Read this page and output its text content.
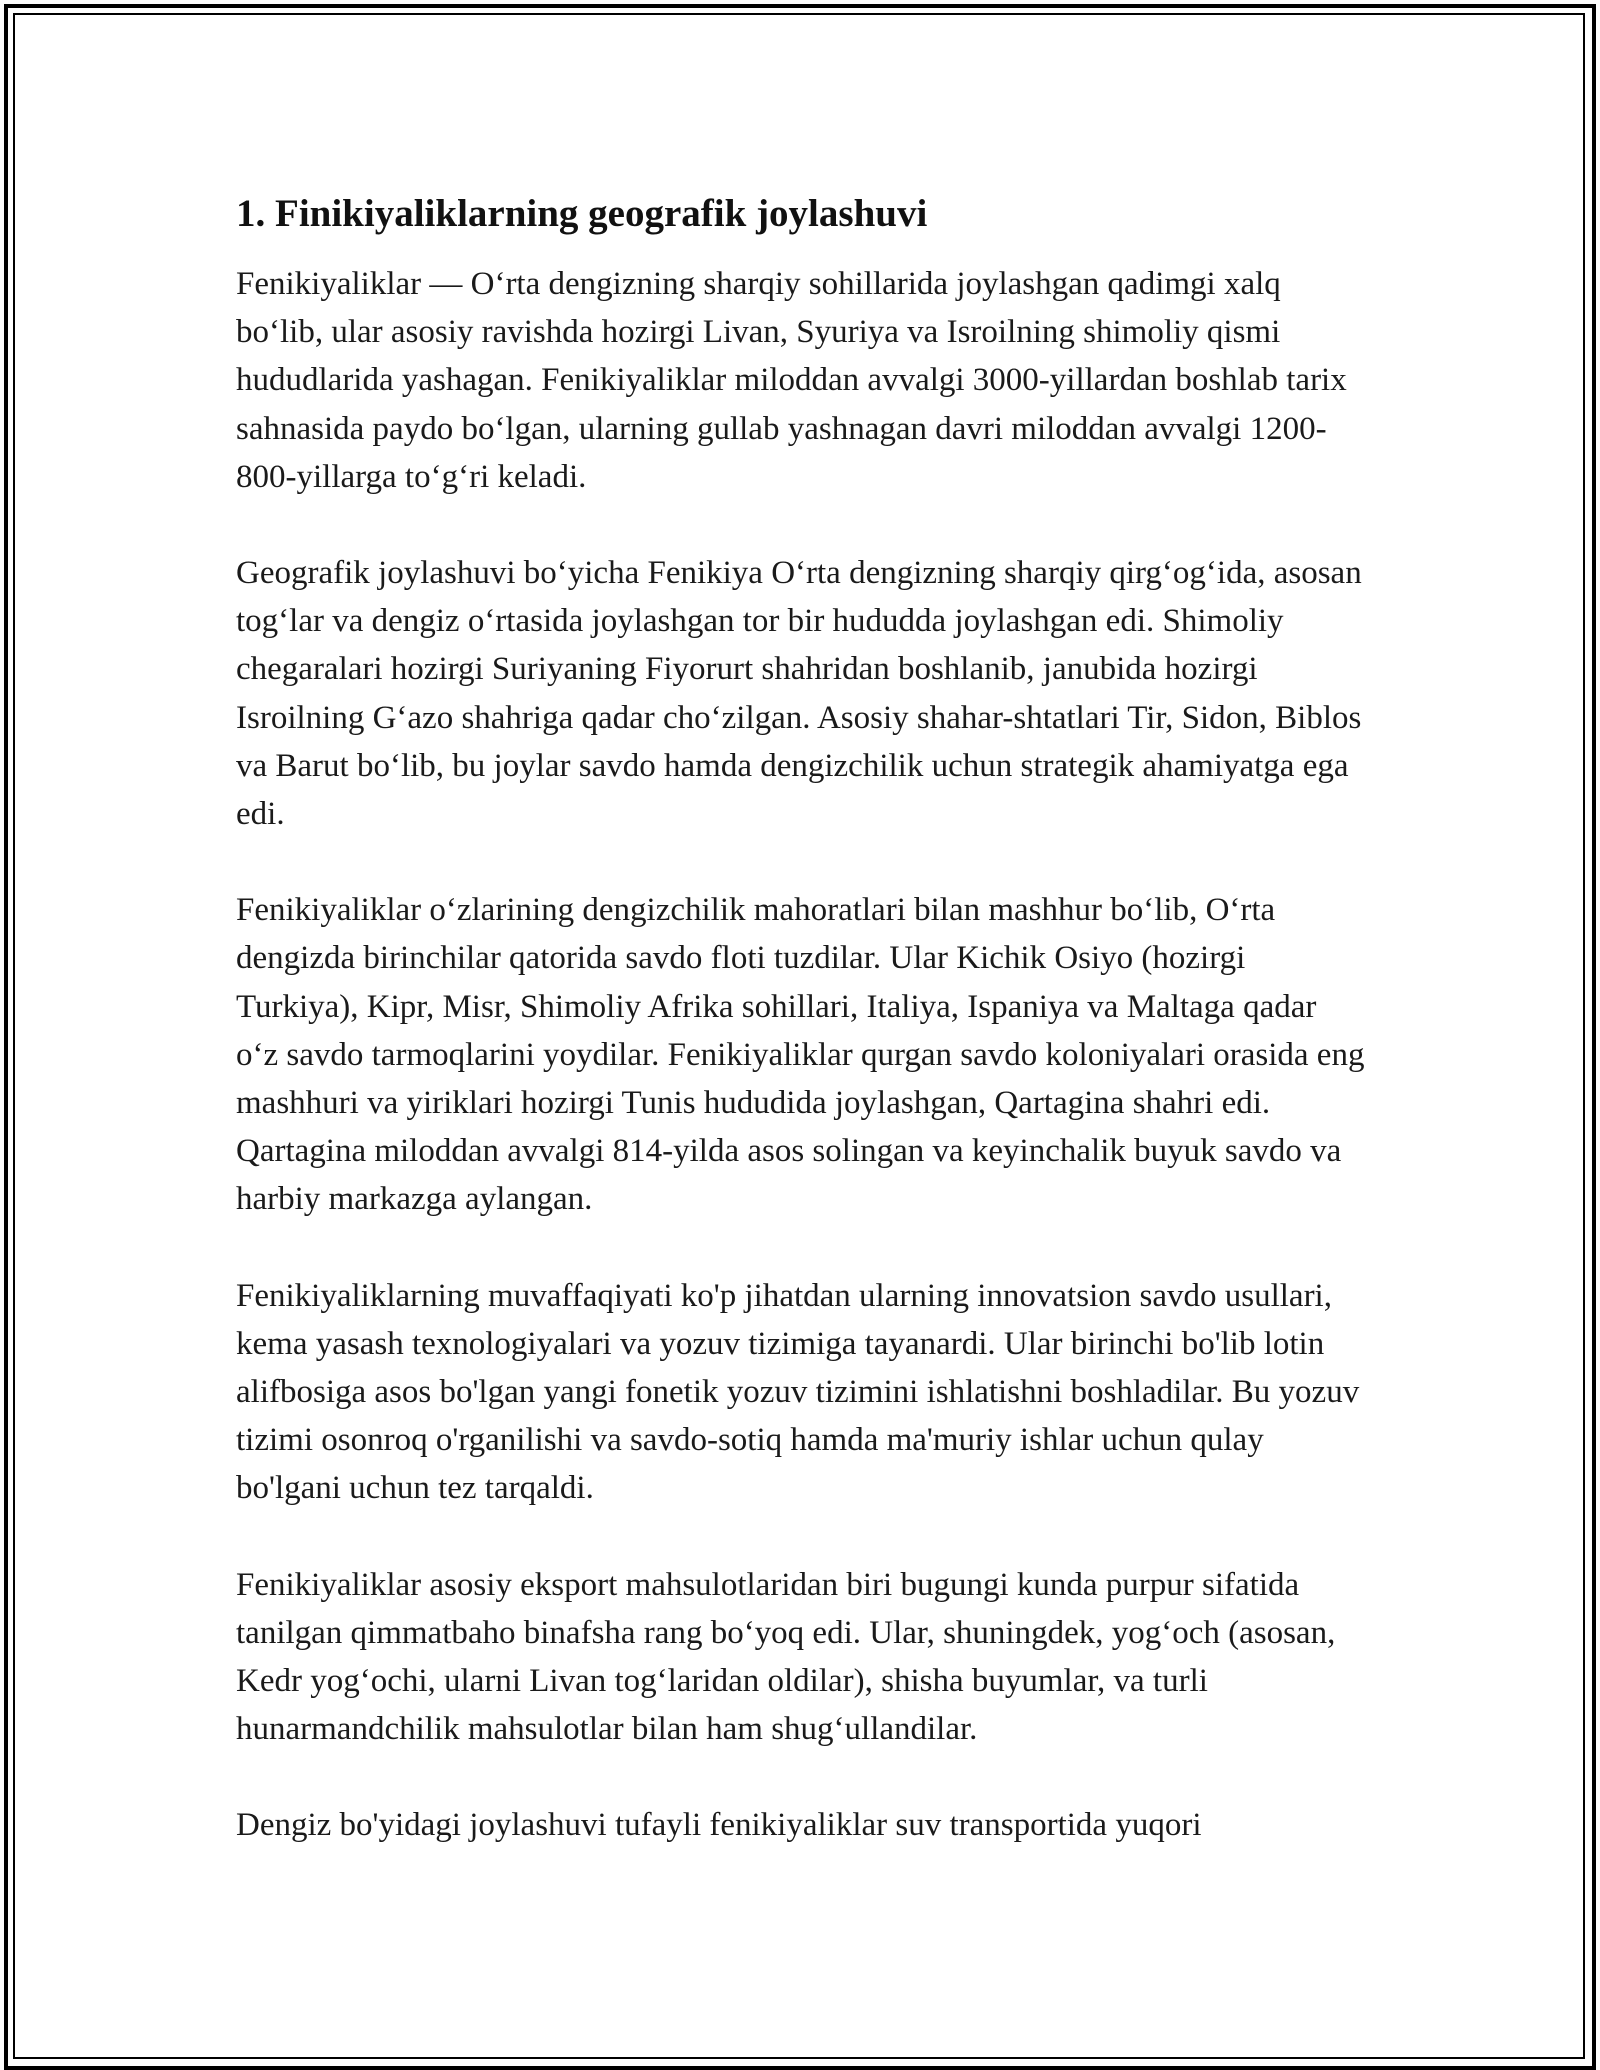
1. Finikiyaliklarning geografik joylashuvi

Fenikiyaliklar — O‘rta dengizning sharqiy sohillarida joylashgan qadimgi xalq bo‘lib, ular asosiy ravishda hozirgi Livan, Syuriya va Isroilning shimoliy qismi hududlarida yashagan. Fenikiyaliklar miloddan avvalgi 3000-yillardan boshlab tarix sahnasida paydo bo‘lgan, ularning gullab yashnagan davri miloddan avvalgi 1200-800-yillarga to‘g‘ri keladi.

Geografik joylashuvi bo‘yicha Fenikiya O‘rta dengizning sharqiy qirg‘og‘ida, asosan tog‘lar va dengiz o‘rtasida joylashgan tor bir hududda joylashgan edi. Shimoliy chegaralari hozirgi Suriyaning Fiyorurt shahridan boshlanib, janubida hozirgi Isroilning G‘azo shahriga qadar cho‘zilgan. Asosiy shahar-shtatlari Tir, Sidon, Biblos va Barut bo‘lib, bu joylar savdo hamda dengizchilik uchun strategik ahamiyatga ega edi.

Fenikiyaliklar o‘zlarining dengizchilik mahoratlari bilan mashhur bo‘lib, O‘rta dengizda birinchilar qatorida savdo floti tuzdilar. Ular Kichik Osiyo (hozirgi Turkiya), Kipr, Misr, Shimoliy Afrika sohillari, Italiya, Ispaniya va Maltaga qadar o‘z savdo tarmoqlarini yoydilar. Fenikiyaliklar qurgan savdo koloniyalari orasida eng mashhuri va yiriklari hozirgi Tunis hududida joylashgan, Qartagina shahri edi. Qartagina miloddan avvalgi 814-yilda asos solingan va keyinchalik buyuk savdo va harbiy markazga aylangan.

Fenikiyaliklarning muvaffaqiyati ko'p jihatdan ularning innovatsion savdo usullari, kema yasash texnologiyalari va yozuv tizimiga tayanardi. Ular birinchi bo'lib lotin alifbosiga asos bo'lgan yangi fonetik yozuv tizimini ishlatishni boshladilar. Bu yozuv tizimi osonroq o'rganilishi va savdo-sotiq hamda ma'muriy ishlar uchun qulay bo'lgani uchun tez tarqaldi.

Fenikiyaliklar asosiy eksport mahsulotlaridan biri bugungi kunda purpur sifatida tanilgan qimmatbaho binafsha rang bo‘yoq edi. Ular, shuningdek, yog‘och (asosan, Kedr yog‘ochi, ularni Livan tog‘laridan oldilar), shisha buyumlar, va turli hunarmandchilik mahsulotlar bilan ham shug‘ullandilar.

Dengiz bo'yidagi joylashuvi tufayli fenikiyaliklar suv transportida yuqori
